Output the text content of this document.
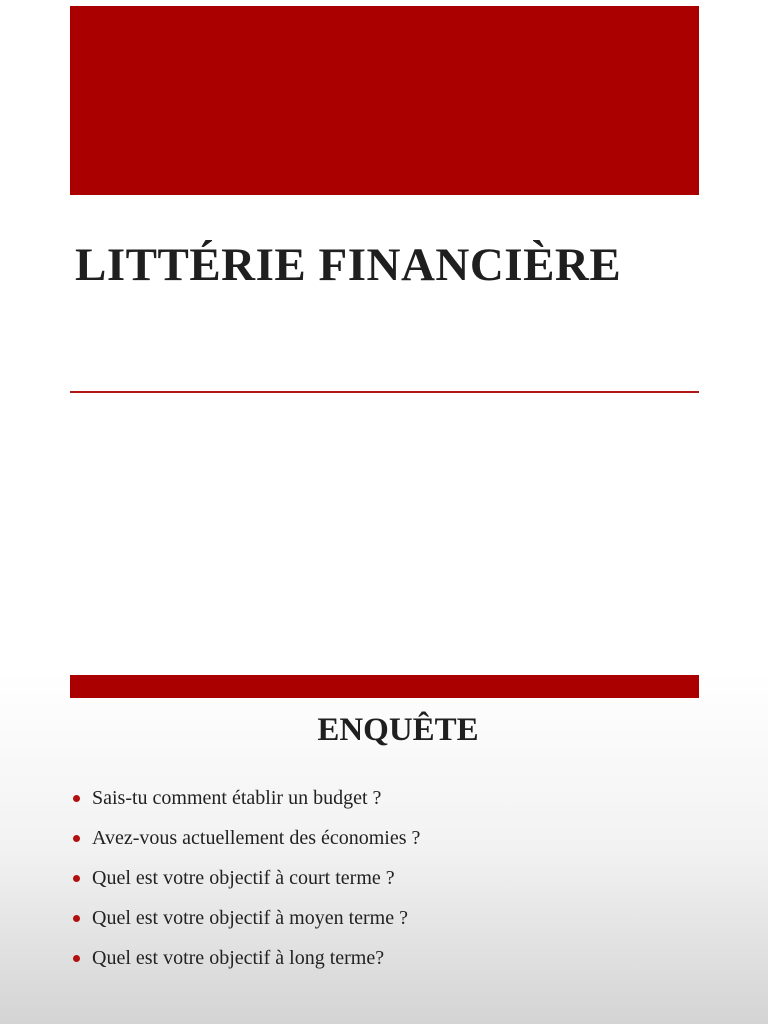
LITTÉRIE FINANCIÈRE
ENQUÊTE
Sais-tu comment établir un budget ?
Avez-vous actuellement des économies ?
Quel est votre objectif à court terme ?
Quel est votre objectif à moyen terme ?
Quel est votre objectif à long terme?
